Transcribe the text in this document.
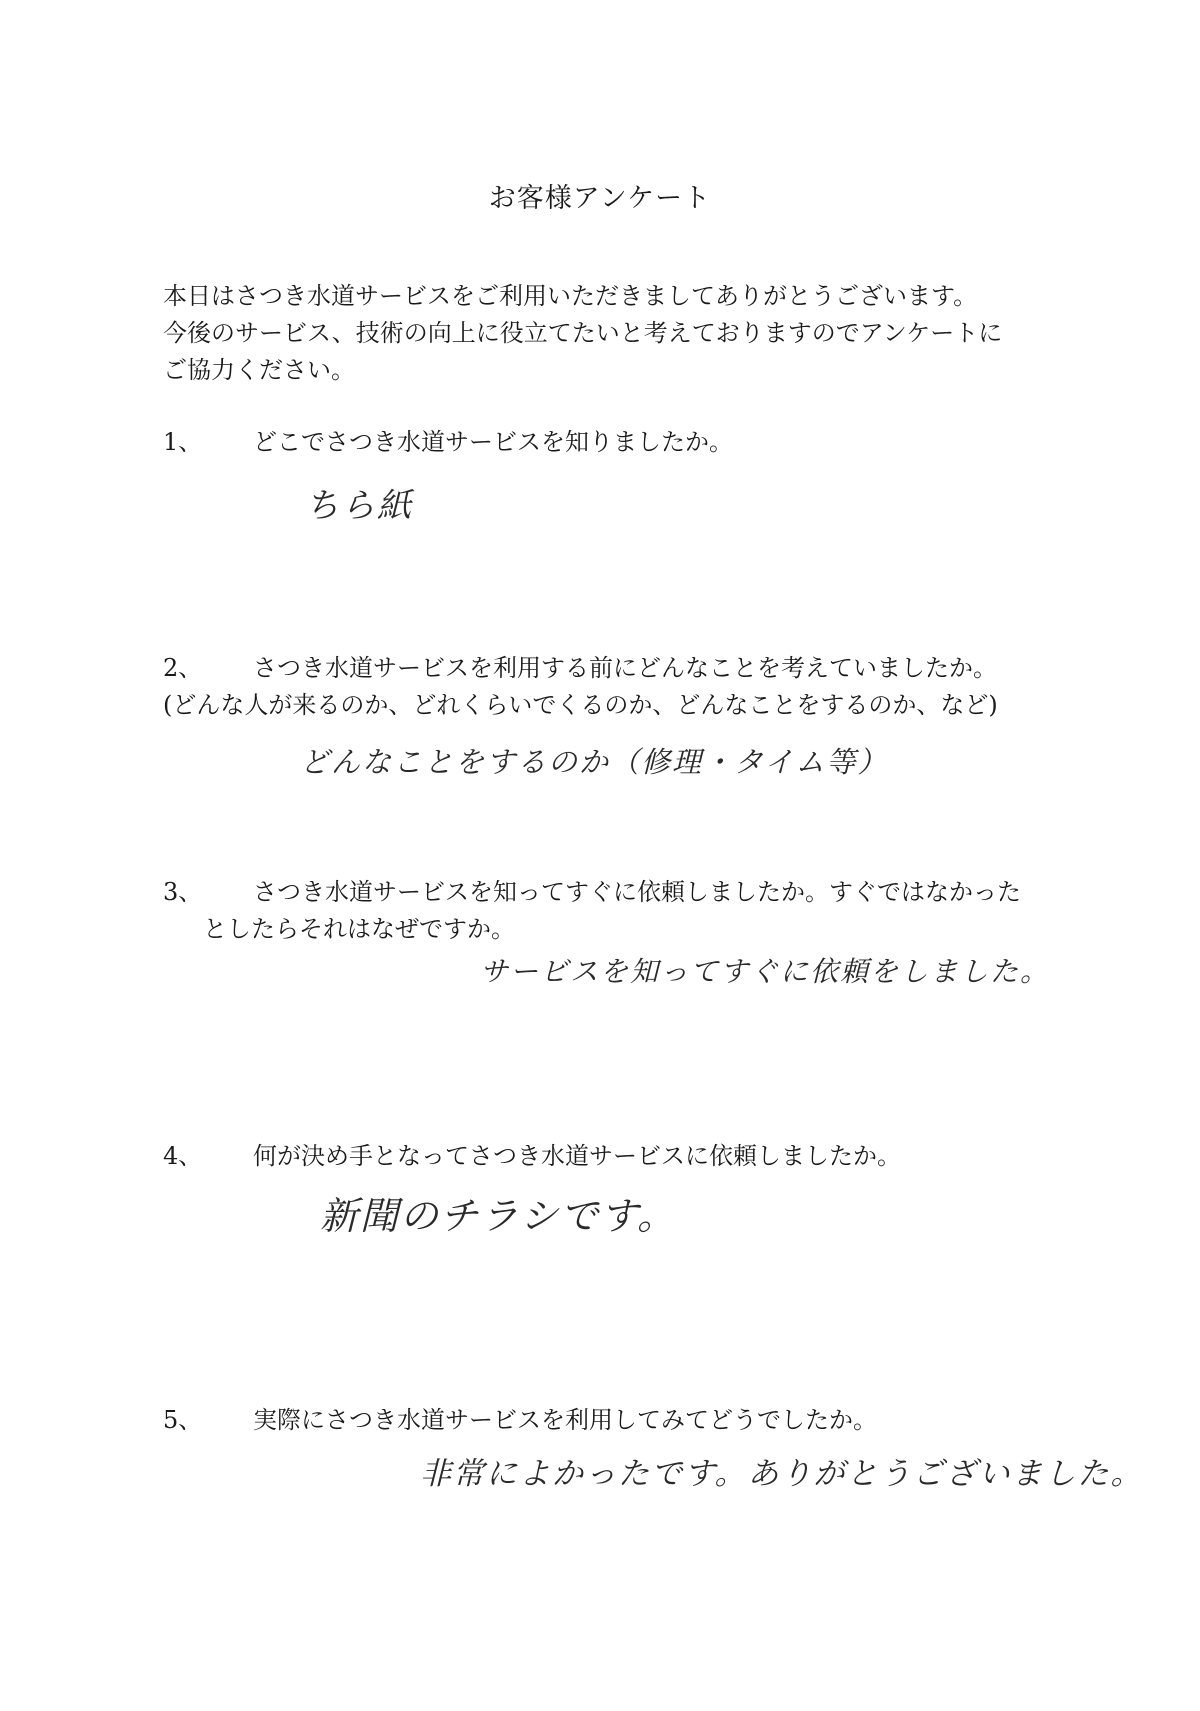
お客様アンケート
本日はさつき水道サービスをご利用いただきましてありがとうございます。
今後のサービス、技術の向上に役立てたいと考えておりますのでアンケートに
ご協力ください。
1、 どこでさつき水道サービスを知りましたか。
ちら紙
2、 さつき水道サービスを利用する前にどんなことを考えていましたか。
(どんな人が来るのか、どれくらいでくるのか、どんなことをするのか、など)
どんなことをするのか（修理・タイム等）
3、 さつき水道サービスを知ってすぐに依頼しましたか。すぐではなかった
としたらそれはなぜですか。
サービスを知ってすぐに依頼をしました。
4、 何が決め手となってさつき水道サービスに依頼しましたか。
新聞のチラシです。
5、 実際にさつき水道サービスを利用してみてどうでしたか。
非常によかったです。ありがとうございました。
